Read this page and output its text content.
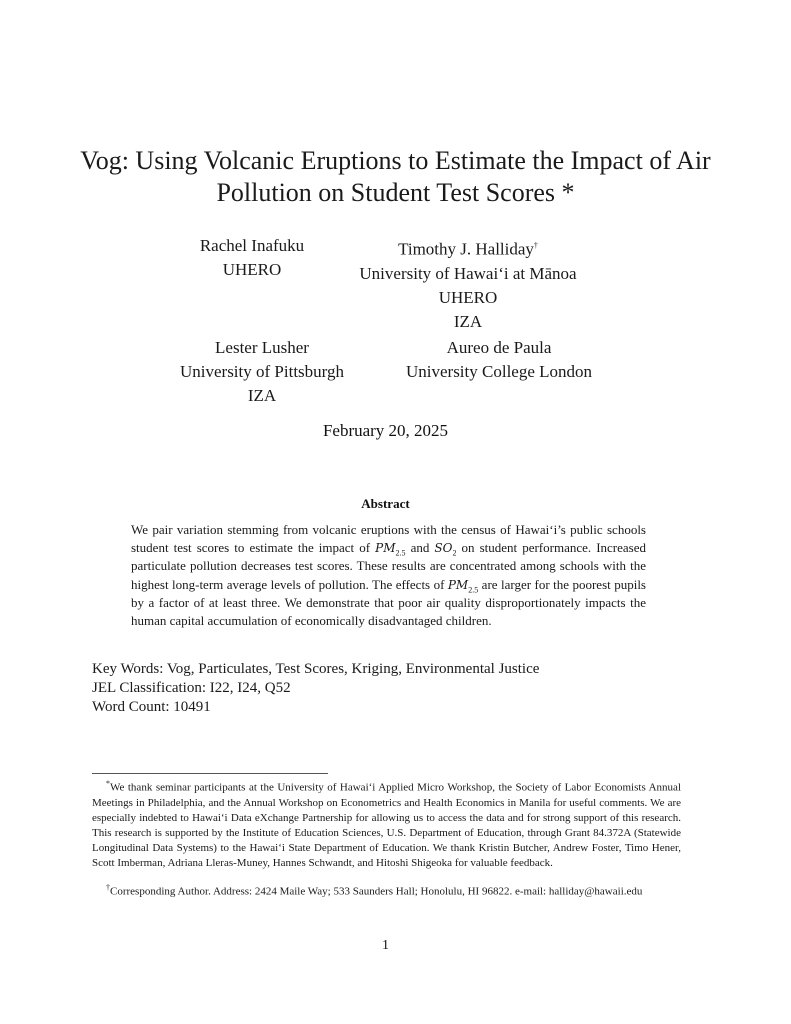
Vog: Using Volcanic Eruptions to Estimate the Impact of Air Pollution on Student Test Scores *
Rachel Inafuku
UHERO
Timothy J. Halliday†
University of Hawai‘i at Mānoa
UHERO
IZA
Lester Lusher
University of Pittsburgh
IZA
Aureo de Paula
University College London
February 20, 2025
Abstract
We pair variation stemming from volcanic eruptions with the census of Hawai‘i’s public schools student test scores to estimate the impact of $PM_{2.5}$ and $SO_2$ on student performance. Increased particulate pollution decreases test scores. These results are concentrated among schools with the highest long-term average levels of pollution. The effects of $PM_{2.5}$ are larger for the poorest pupils by a factor of at least three. We demonstrate that poor air quality disproportionately impacts the human capital accumulation of economically disadvantaged children.
Key Words: Vog, Particulates, Test Scores, Kriging, Environmental Justice
JEL Classification: I22, I24, Q52
Word Count: 10491
*We thank seminar participants at the University of Hawai‘i Applied Micro Workshop, the Society of Labor Economists Annual Meetings in Philadelphia, and the Annual Workshop on Econometrics and Health Economics in Manila for useful comments. We are especially indebted to Hawai‘i Data eXchange Partnership for allowing us to access the data and for strong support of this research. This research is supported by the Institute of Education Sciences, U.S. Department of Education, through Grant 84.372A (Statewide Longitudinal Data Systems) to the Hawai‘i State Department of Education. We thank Kristin Butcher, Andrew Foster, Timo Hener, Scott Imberman, Adriana Lleras-Muney, Hannes Schwandt, and Hitoshi Shigeoka for valuable feedback.
†Corresponding Author. Address: 2424 Maile Way; 533 Saunders Hall; Honolulu, HI 96822. e-mail: halliday@hawaii.edu
1
